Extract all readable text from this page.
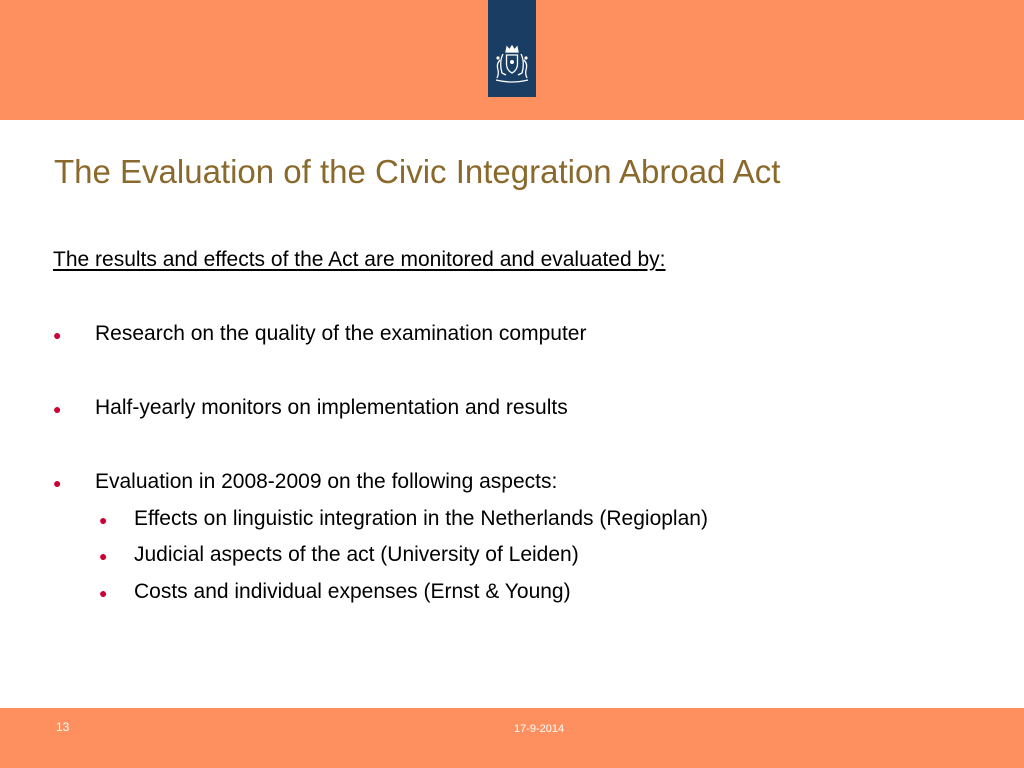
The Evaluation of the Civic Integration Abroad Act
The results and effects of the Act are monitored and evaluated by:
●	Research on the quality of the examination computer
●	Half-yearly monitors on implementation and results
●	Evaluation in 2008-2009 on the following aspects:
●	Effects on linguistic integration in the Netherlands (Regioplan)
●	Judicial aspects of the act (University of Leiden)
●	Costs and individual expenses (Ernst & Young)
13	17-9-2014
